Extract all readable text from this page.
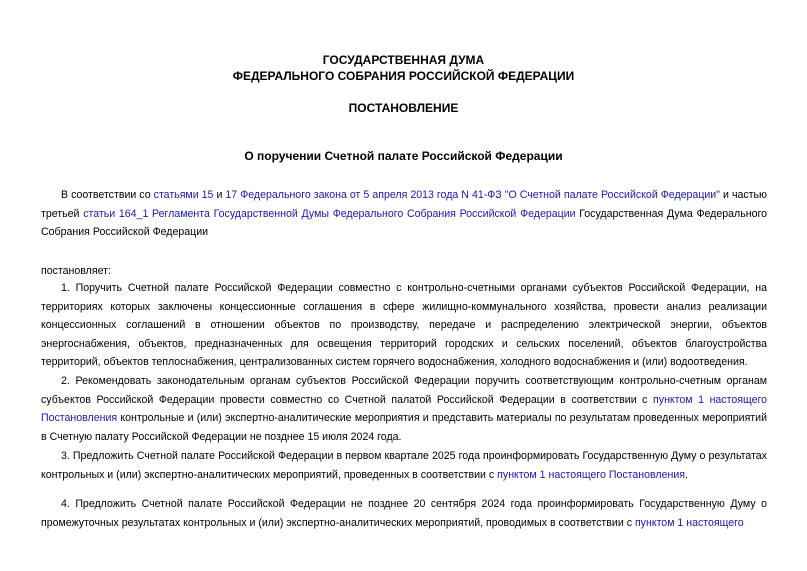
ГОСУДАРСТВЕННАЯ ДУМА
ФЕДЕРАЛЬНОГО СОБРАНИЯ РОССИЙСКОЙ ФЕДЕРАЦИИ
ПОСТАНОВЛЕНИЕ
О поручении Счетной палате Российской Федерации

В соответствии со статьями 15 и 17 Федерального закона от 5 апреля 2013 года N 41-ФЗ "О Счетной палате Российской Федерации" и частью третьей статьи 164_1 Регламента Государственной Думы Федерального Собрания Российской Федерации Государственная Дума Федерального Собрания Российской Федерации

постановляет:

1. Поручить Счетной палате Российской Федерации совместно с контрольно-счетными органами субъектов Российской Федерации, на территориях которых заключены концессионные соглашения в сфере жилищно-коммунального хозяйства, провести анализ реализации концессионных соглашений в отношении объектов по производству, передаче и распределению электрической энергии, объектов энергоснабжения, объектов, предназначенных для освещения территорий городских и сельских поселений, объектов благоустройства территорий, объектов теплоснабжения, централизованных систем горячего водоснабжения, холодного водоснабжения и (или) водоотведения.

2. Рекомендовать законодательным органам субъектов Российской Федерации поручить соответствующим контрольно-счетным органам субъектов Российской Федерации провести совместно со Счетной палатой Российской Федерации в соответствии с пунктом 1 настоящего Постановления контрольные и (или) экспертно-аналитические мероприятия и представить материалы по результатам проведенных мероприятий в Счетную палату Российской Федерации не позднее 15 июля 2024 года.

3. Предложить Счетной палате Российской Федерации в первом квартале 2025 года проинформировать Государственную Думу о результатах контрольных и (или) экспертно-аналитических мероприятий, проведенных в соответствии с пунктом 1 настоящего Постановления.

4. Предложить Счетной палате Российской Федерации не позднее 20 сентября 2024 года проинформировать Государственную Думу о промежуточных результатах контрольных и (или) экспертно-аналитических мероприятий, проводимых в соответствии с пунктом 1 настоящего
